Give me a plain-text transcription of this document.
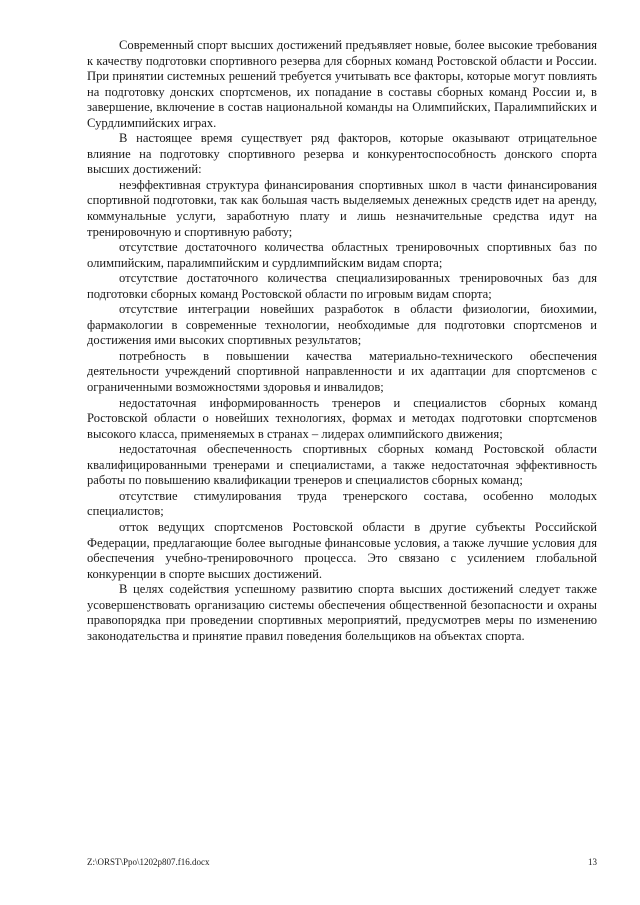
Современный спорт высших достижений предъявляет новые, более высокие требования к качеству подготовки спортивного резерва для сборных команд Ростовской области и России. При принятии системных решений требуется учитывать все факторы, которые могут повлиять на подготовку донских спортсменов, их попадание в составы сборных команд России и, в завершение, включение в состав национальной команды на Олимпийских, Паралимпийских и Сурдлимпийских играх.

В настоящее время существует ряд факторов, которые оказывают отрицательное влияние на подготовку спортивного резерва и конкурентоспособность донского спорта высших достижений:

неэффективная структура финансирования спортивных школ в части финансирования спортивной подготовки, так как большая часть выделяемых денежных средств идет на аренду, коммунальные услуги, заработную плату и лишь незначительные средства идут на тренировочную и спортивную работу;

отсутствие достаточного количества областных тренировочных спортивных баз по олимпийским, паралимпийским и сурдлимпийским видам спорта;

отсутствие достаточного количества специализированных тренировочных баз для подготовки сборных команд Ростовской области по игровым видам спорта;

отсутствие интеграции новейших разработок в области физиологии, биохимии, фармакологии в современные технологии, необходимые для подготовки спортсменов и достижения ими высоких спортивных результатов;

потребность в повышении качества материально-технического обеспечения деятельности учреждений спортивной направленности и их адаптации для спортсменов с ограниченными возможностями здоровья и инвалидов;

недостаточная информированность тренеров и специалистов сборных команд Ростовской области о новейших технологиях, формах и методах подготовки спортсменов высокого класса, применяемых в странах – лидерах олимпийского движения;

недостаточная обеспеченность спортивных сборных команд Ростовской области квалифицированными тренерами и специалистами, а также недостаточная эффективность работы по повышению квалификации тренеров и специалистов сборных команд;

отсутствие стимулирования труда тренерского состава, особенно молодых специалистов;

отток ведущих спортсменов Ростовской области в другие субъекты Российской Федерации, предлагающие более выгодные финансовые условия, а также лучшие условия для обеспечения учебно-тренировочного процесса. Это связано с усилением глобальной конкуренции в спорте высших достижений.

В целях содействия успешному развитию спорта высших достижений следует также усовершенствовать организацию системы обеспечения общественной безопасности и охраны правопорядка при проведении спортивных мероприятий, предусмотрев меры по изменению законодательства и принятие правил поведения болельщиков на объектах спорта.

Z:\ORST\Ppo\1202p807.f16.docx	13
